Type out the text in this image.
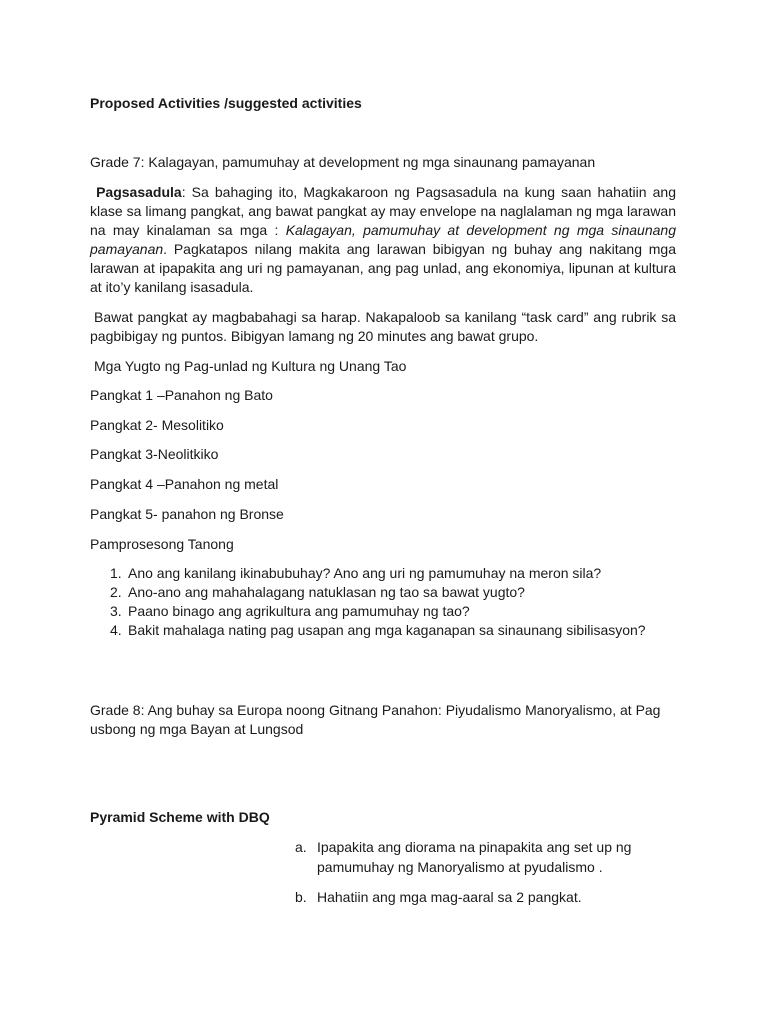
Proposed Activities /suggested activities

Grade 7: Kalagayan, pamumuhay at development ng mga sinaunang pamayanan

Pagsasadula: Sa bahaging ito, Magkakaroon ng Pagsasadula na kung saan hahatiin ang klase sa limang pangkat, ang bawat pangkat ay may envelope na naglalaman ng mga larawan na may kinalaman sa mga : Kalagayan, pamumuhay at development ng mga sinaunang pamayanan. Pagkatapos nilang makita ang larawan bibigyan ng buhay ang nakitang mga larawan at ipapakita ang uri ng pamayanan, ang pag unlad, ang ekonomiya, lipunan at kultura at ito’y kanilang isasadula.

Bawat pangkat ay magbabahagi sa harap. Nakapaloob sa kanilang “task card” ang rubrik sa pagbibigay ng puntos. Bibigyan lamang ng 20 minutes ang bawat grupo.

Mga Yugto ng Pag-unlad ng Kultura ng Unang Tao

Pangkat 1 –Panahon ng Bato

Pangkat 2- Mesolitiko

Pangkat 3-Neolitkiko

Pangkat 4 –Panahon ng metal

Pangkat 5- panahon ng Bronse

Pamprosesong Tanong

1. Ano ang kanilang ikinabubuhay? Ano ang uri ng pamumuhay na meron sila?
2. Ano-ano ang mahahalagang natuklasan ng tao sa bawat yugto?
3. Paano binago ang agrikultura ang pamumuhay ng tao?
4. Bakit mahalaga nating pag usapan ang mga kaganapan sa sinaunang sibilisasyon?

Grade 8: Ang buhay sa Europa noong Gitnang Panahon: Piyudalismo Manoryalismo, at Pag usbong ng mga Bayan at Lungsod

Pyramid Scheme with DBQ

a. Ipapakita ang diorama na pinapakita ang set up ng pamumuhay ng Manoryalismo at pyudalismo .
b. Hahatiin ang mga mag-aaral sa 2 pangkat.
